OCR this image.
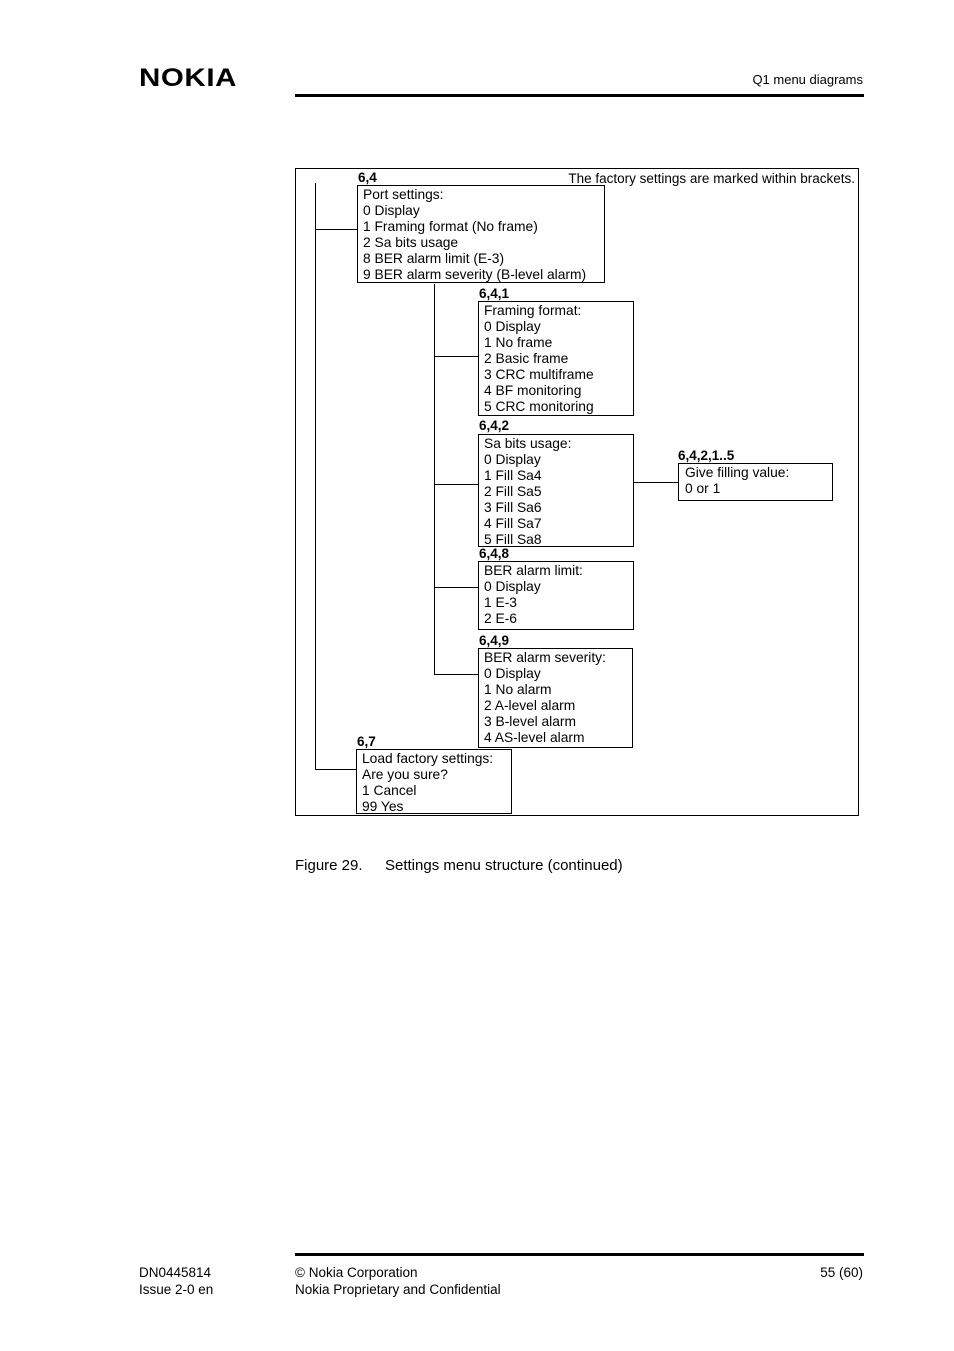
NOKIA	Q1 menu diagrams
The factory settings are marked within brackets.
6,4
Port settings:
0 Display
1 Framing format (No frame)
2 Sa bits usage
8 BER alarm limit (E-3)
9 BER alarm severity (B-level alarm)
6,4,1
Framing format:
0 Display
1 No frame
2 Basic frame
3 CRC multiframe
4 BF monitoring
5 CRC monitoring
6,4,2
Sa bits usage:
0 Display
1 Fill Sa4
2 Fill Sa5
3 Fill Sa6
4 Fill Sa7
5 Fill Sa8
6,4,2,1..5
Give filling value:
0 or 1
6,4,8
BER alarm limit:
0 Display
1 E-3
2 E-6
6,4,9
BER alarm severity:
0 Display
1 No alarm
2 A-level alarm
3 B-level alarm
4 AS-level alarm
6,7
Load factory settings:
Are you sure?
1 Cancel
99 Yes
Figure 29. Settings menu structure (continued)
DN0445814
Issue 2-0 en
© Nokia Corporation
Nokia Proprietary and Confidential
55 (60)
